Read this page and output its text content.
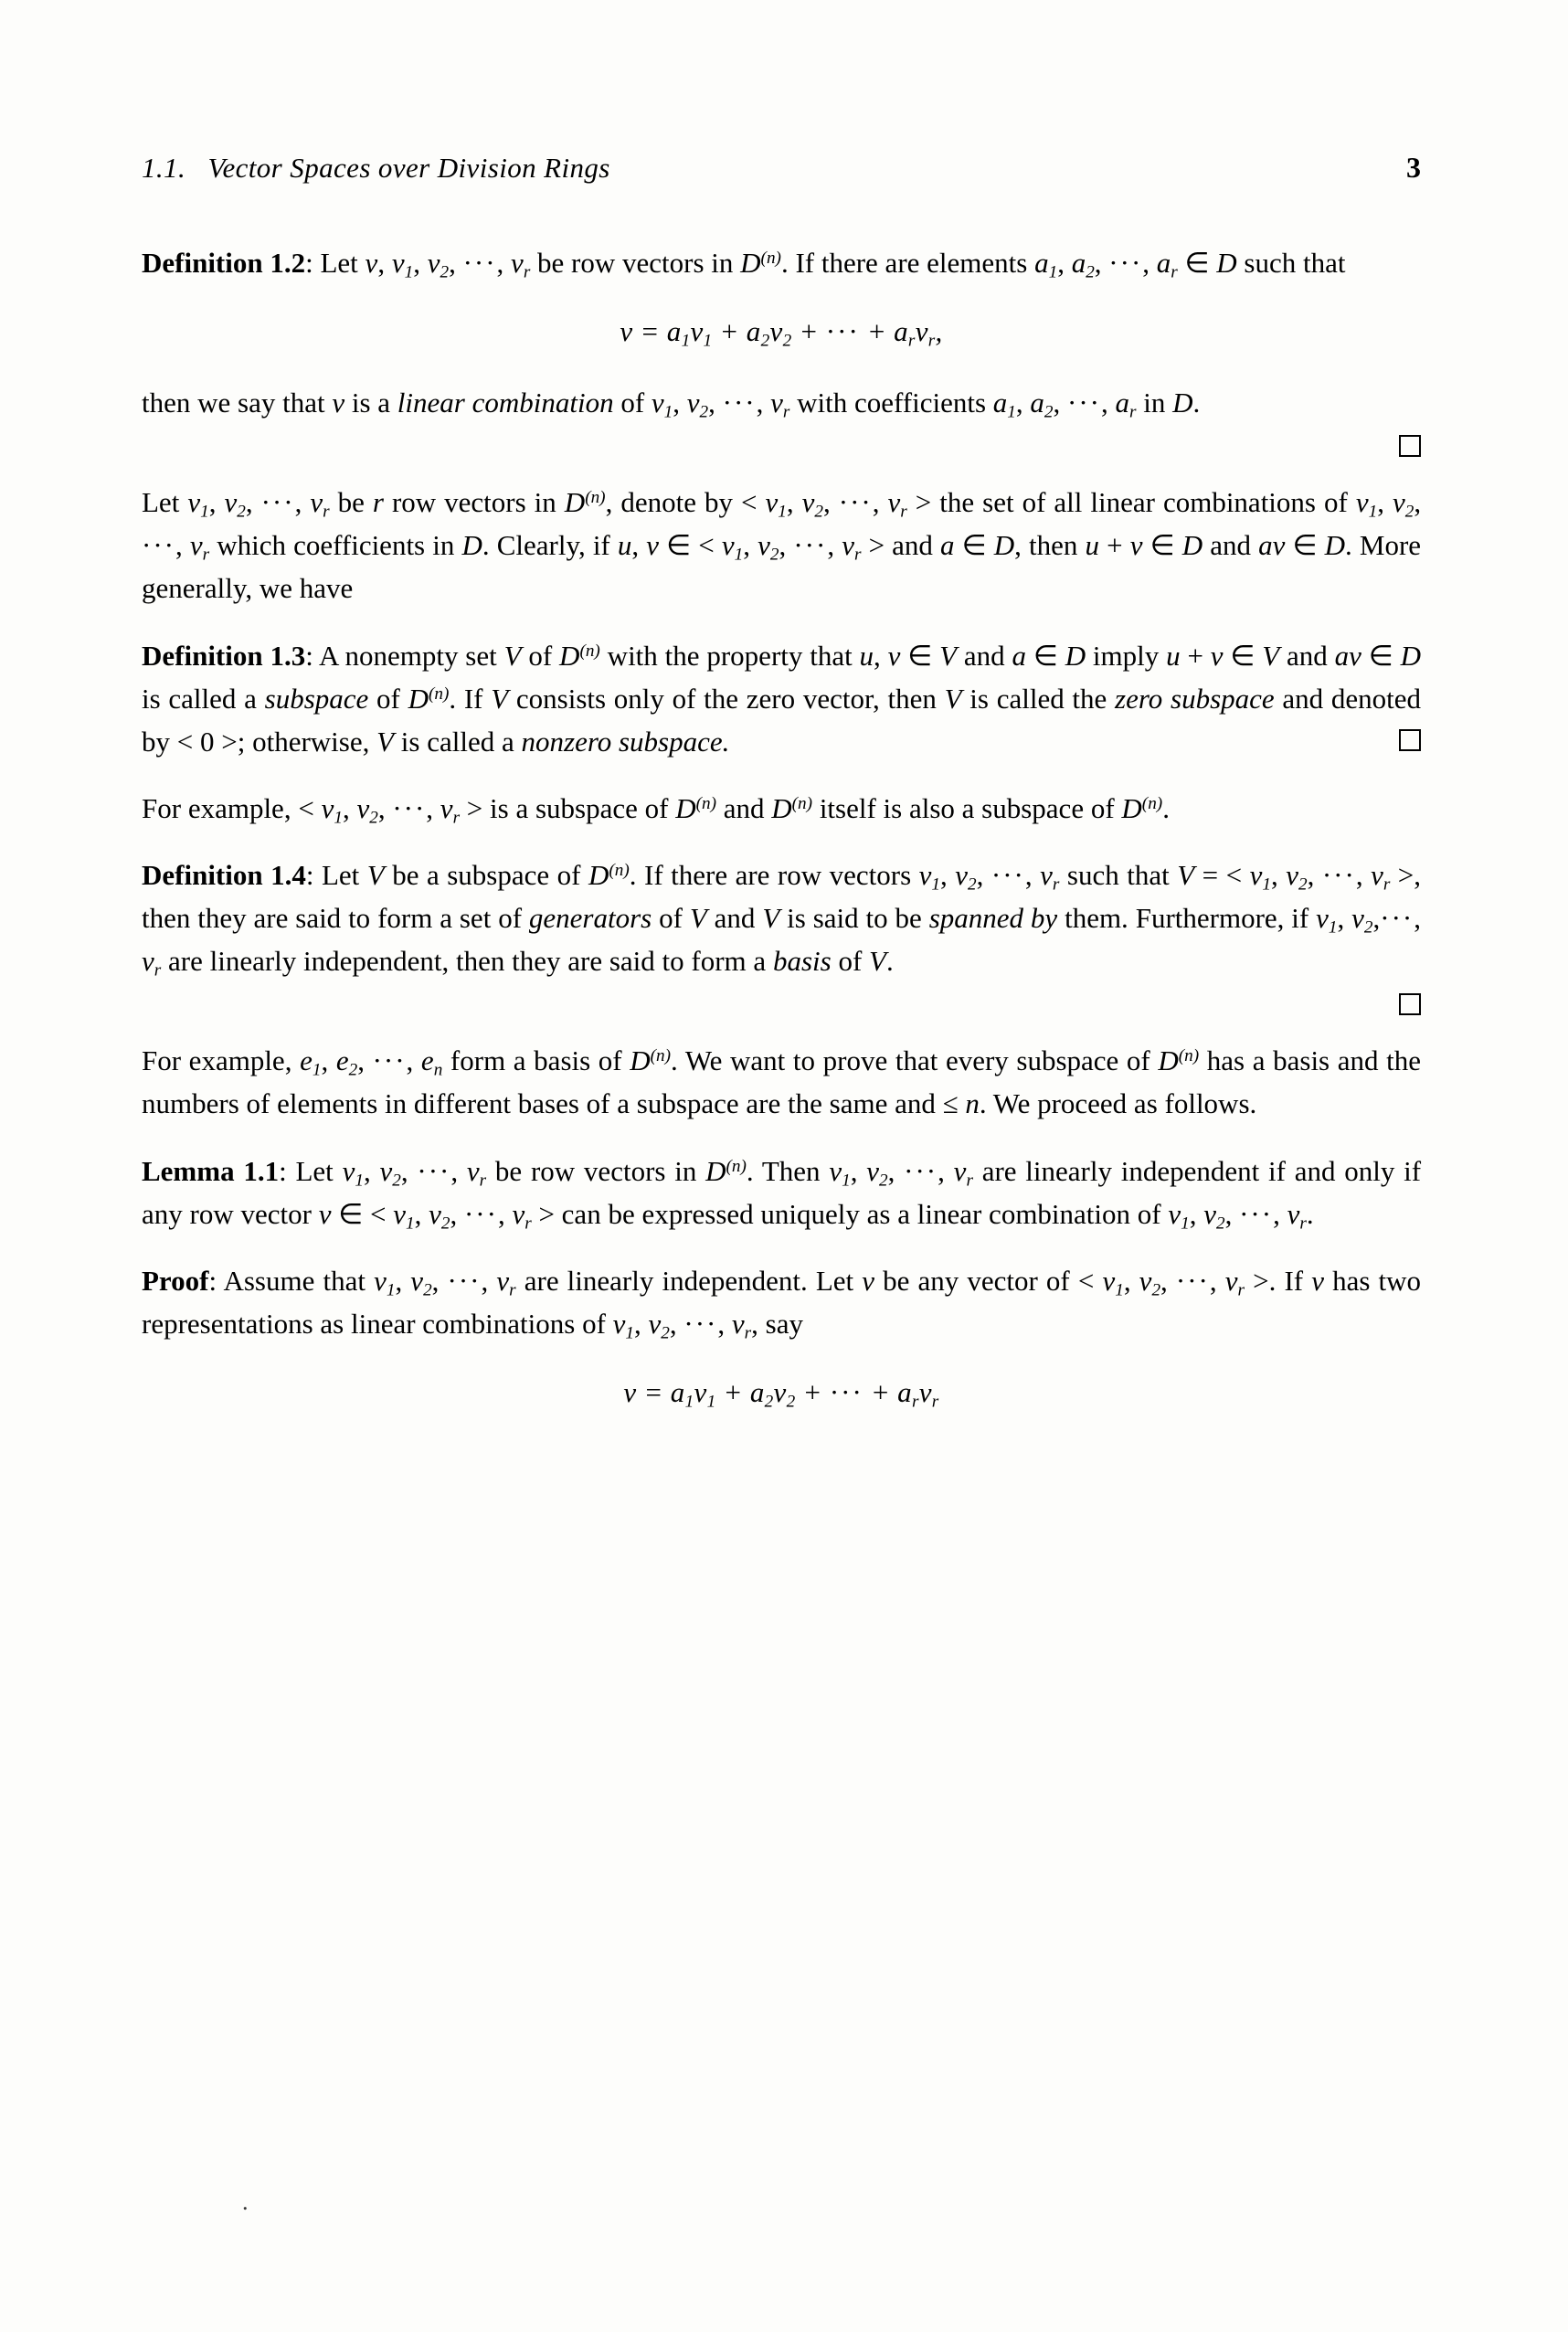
1.1.   Vector Spaces over Division Rings	3

Definition 1.2: Let v, $v_1$, $v_2$, ···, $v_r$ be row vectors in $D^{(n)}$. If there are elements $a_1$, $a_2$, ···, $a_r$ ∈ D such that

$v = a_1v_1 + a_2v_2$ + ··· + $a_rv_r$,

then we say that v is a linear combination of $v_1$, $v_2$, ···, $v_r$ with coefficients $a_1$, $a_2$, ···, $a_r$ in D.

Let $v_1$, $v_2$, ···, $v_r$ be r row vectors in $D^{(n)}$, denote by < $v_1$, $v_2$, ···, $v_r$ > the set of all linear combinations of $v_1$, $v_2$, ···, $v_r$ which coefficients in D. Clearly, if u, v ∈ < $v_1$, $v_2$, ···, $v_r$ > and a ∈ D, then u + v ∈ D and av ∈ D. More generally, we have

Definition 1.3: A nonempty set V of $D^{(n)}$ with the property that u, v ∈ V and a ∈ D imply u + v ∈ V and av ∈ D is called a subspace of $D^{(n)}$. If V consists only of the zero vector, then V is called the zero subspace and denoted by < 0 >; otherwise, V is called a nonzero subspace.

For example, < $v_1$, $v_2$, ···, $v_r$ > is a subspace of $D^{(n)}$ and $D^{(n)}$ itself is also a subspace of $D^{(n)}$.

Definition 1.4: Let V be a subspace of $D^{(n)}$. If there are row vectors $v_1$, $v_2$, ···, $v_r$ such that V = < $v_1$, $v_2$, ···, $v_r$ >, then they are said to form a set of generators of V and V is said to be spanned by them. Furthermore, if $v_1$, $v_2,\cdot\cdot\cdot$, $v_r$ are linearly independent, then they are said to form a basis of V.

For example, $e_1$, $e_2$, ···, $e_n$ form a basis of $D^{(n)}$. We want to prove that every subspace of $D^{(n)}$ has a basis and the numbers of elements in different bases of a subspace are the same and ≤ n. We proceed as follows.

Lemma 1.1: Let $v_1$, $v_2$, ···, $v_r$ be row vectors in $D^{(n)}$. Then $v_1$, $v_2$, ···, $v_r$ are linearly independent if and only if any row vector v ∈ < $v_1$, $v_2$, ···, $v_r$ > can be expressed uniquely as a linear combination of $v_1$, $v_2$, ···, $v_r$.

Proof: Assume that $v_1$, $v_2$, ···, $v_r$ are linearly independent. Let v be any vector of < $v_1$, $v_2$, ···, $v_r$ >. If v has two representations as linear combinations of $v_1$, $v_2$, ···, $v_r$, say

$v = a_1v_1 + a_2v_2$ + ··· + $a_rv_r$
.
